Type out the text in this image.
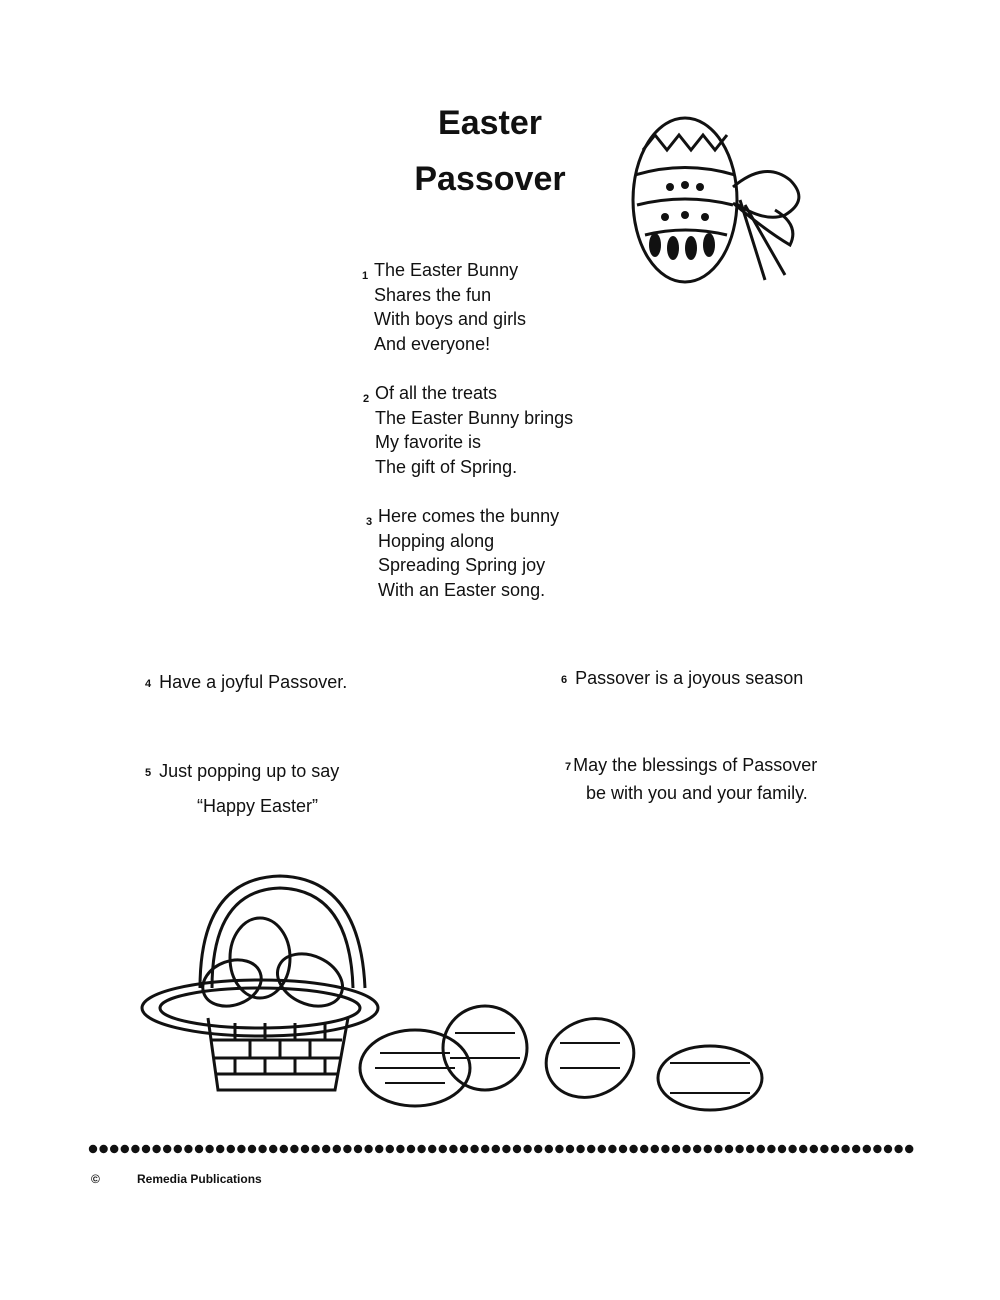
Easter
Passover
1 The Easter Bunny
Shares the fun
With boys and girls
And everyone!
2 Of all the treats
The Easter Bunny brings
My favorite is
The gift of Spring.
3 Here comes the bunny
Hopping along
Spreading Spring joy
With an Easter song.
4 Have a joyful Passover.
5 Just popping up to say
“Happy Easter”
6 Passover is a joyous season
7 May the blessings of Passover
be with you and your family.
©	Remedia Publications
